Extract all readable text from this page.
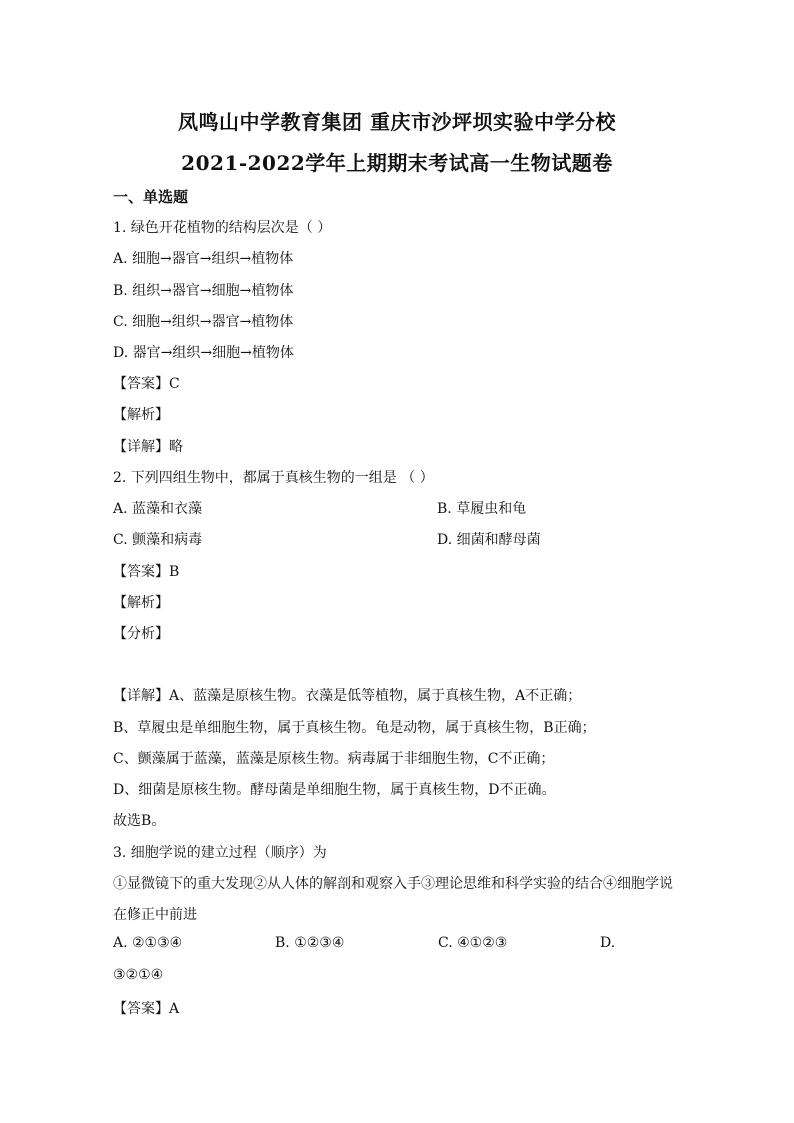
凤鸣山中学教育集团 重庆市沙坪坝实验中学分校
2021-2022学年上期期末考试高一生物试题卷
一、单选题
1. 绿色开花植物的结构层次是（ ）
A. 细胞→器官→组织→植物体
B. 组织→器官→细胞→植物体
C. 细胞→组织→器官→植物体
D. 器官→组织→细胞→植物体
【答案】C
【解析】
【详解】略
2. 下列四组生物中，都属于真核生物的一组是 （ ）
A. 蓝藻和衣藻	B. 草履虫和龟
C. 颤藻和病毒	D. 细菌和酵母菌
【答案】B
【解析】
【分析】
【详解】A、蓝藻是原核生物。衣藻是低等植物，属于真核生物，A不正确；
B、草履虫是单细胞生物，属于真核生物。龟是动物，属于真核生物，B正确；
C、颤藻属于蓝藻，蓝藻是原核生物。病毒属于非细胞生物，C不正确；
D、细菌是原核生物。酵母菌是单细胞生物，属于真核生物，D不正确。
故选B。
3. 细胞学说的建立过程（顺序）为
①显微镜下的重大发现②从人体的解剖和观察入手③理论思维和科学实验的结合④细胞学说
在修正中前进
A. ②①③④	B. ①②③④	C. ④①②③	D.
③②①④
【答案】A
